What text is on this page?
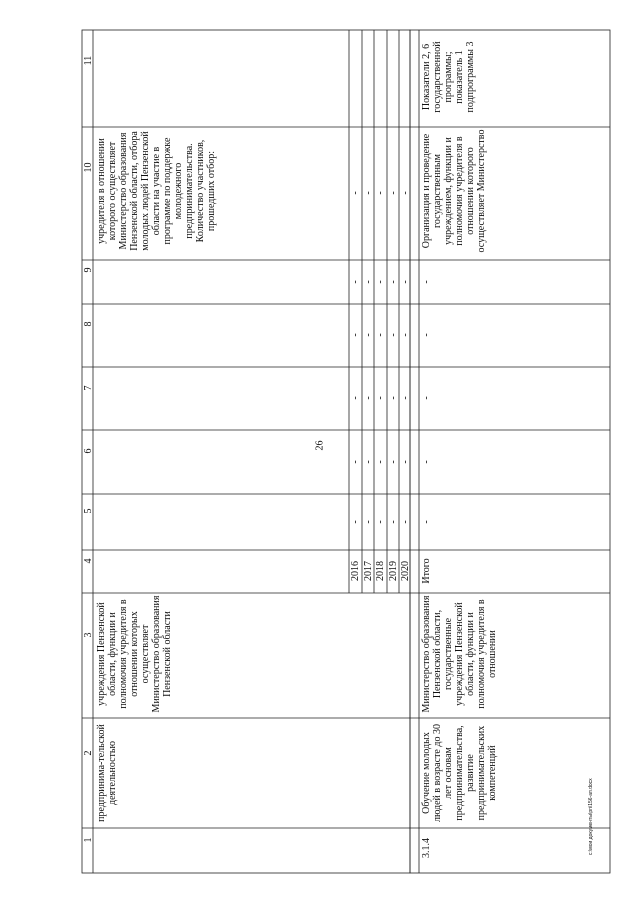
26
11
10
9
8
7
6
5
4
3
2
1
предпринима-тельской деятельностью
учреждения Пензенской области, функции и полномочия учредителя в отношении которых осуществляет Министерство образования Пензенской области
учредителя в отношении которого осуществляет Министерство образования Пензенской области, отбора молодых людей Пензенской области на участие в программе по поддержке молодежного предпринимательства. Количество участников, прошедших отбор:
2016 2017 2018 2019 2020
-
-
-
-
-
-
-
-
-
-
-
-
-
-
-
-
-
-
-
-
-
-
-
-
-
-
-
-
-
-
-
-
-
-
-
3.1.4
Обучение молодых людей в возрасте до 30 лет основам предпринимательства, развитие предпринимательских компетенций
Министерство образования Пензенской области, государственные учреждения Пензенской области, функции и полномочия учредителя в отношении
Итого
Организация и проведение государственным учреждением, функции и полномочия учредителя в отношении которого осуществляет Министерство
Показатели 2, 6 государственной программы; показатель 1 подпрограммы 3
c:\мои документы\рп\156-ап.docx
